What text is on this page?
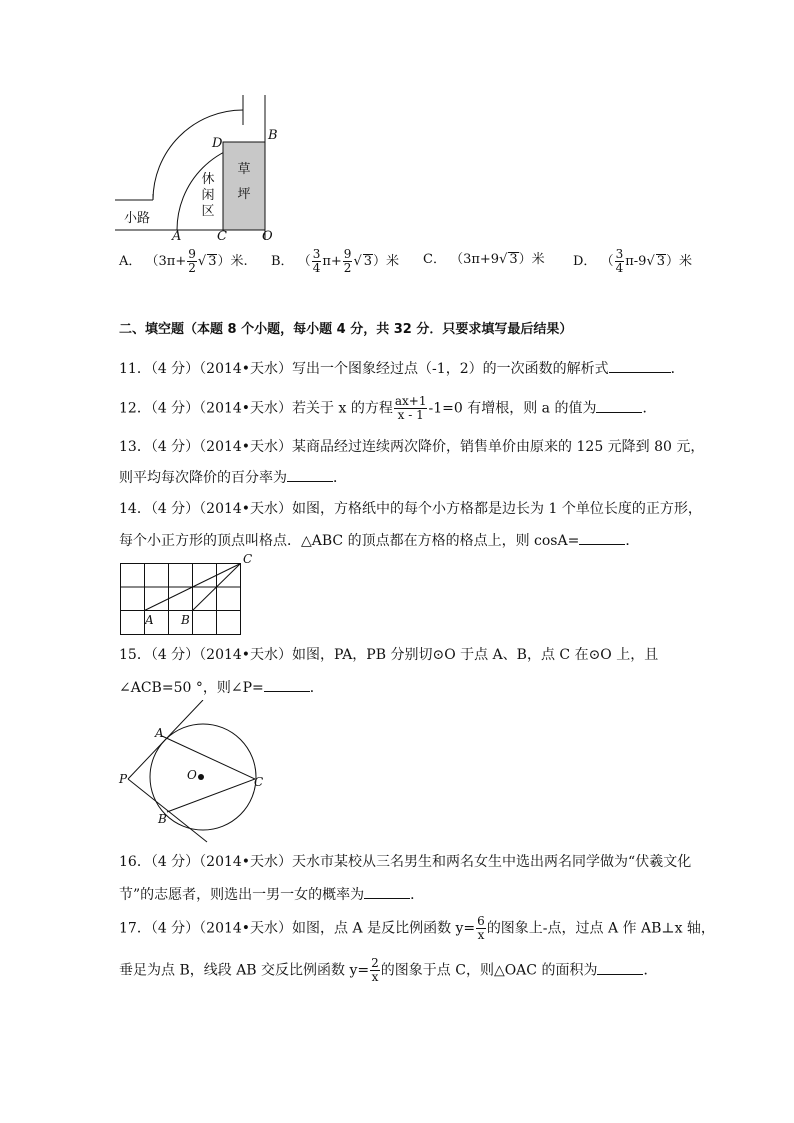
D
B
A	C	O
小路
休
闲
区
草
坪
A． （$3\pi+ \frac{9}{2}$ √ 3）米. B． （ $\frac{3}{4} \pi+ \frac{9}{2}$ √ 3）米 C． （3π+9√ 3）米 D． （ $\frac{3}{4} \pi-9√$ 3）米
二、填空题（本题 8 个小题，每小题 4 分，共 32 分．只要求填写最后结果）
11．（4 分）（2014•天水）写出一个图象经过点（-1，2）的一次函数的解析式	．
12．（4 分）（2014•天水）若关于 x 的方程 $\frac{ax+1}{x - 1} -1=0$ 有增根，则 a 的值为	．
13．（4 分）（2014•天水）某商品经过连续两次降价，销售单价由原来的 125 元降到 80 元，
则平均每次降价的百分率为	．
14．（4 分）（2014•天水）如图，方格纸中的每个小方格都是边长为 1 个单位长度的正方形，
每个小正方形的顶点叫格点．△ABC 的顶点都在方格的格点上，则 cosA=	．
A B
C
15．（4 分）（2014•天水）如图，PA，PB 分别切⊙O 于点 A、B，点 C 在⊙O 上，且
∠ACB=50 °，则∠P=	．
A
B
C
O
P
16．（4 分）（2014•天水）天水市某校从三名男生和两名女生中选出两名同学做为“伏羲文化
节”的志愿者，则选出一男一女的概率为	．
17．（4 分）（2014•天水）如图，点 A 是反比例函数 $y= \frac{6}{x}$ 的图象上-点，过点 A 作 AB⊥x 轴，
垂足为点 B，线段 AB 交反比例函数 $y= \frac{2}{x}$ 的图象于点 C，则△OAC 的面积为	．
